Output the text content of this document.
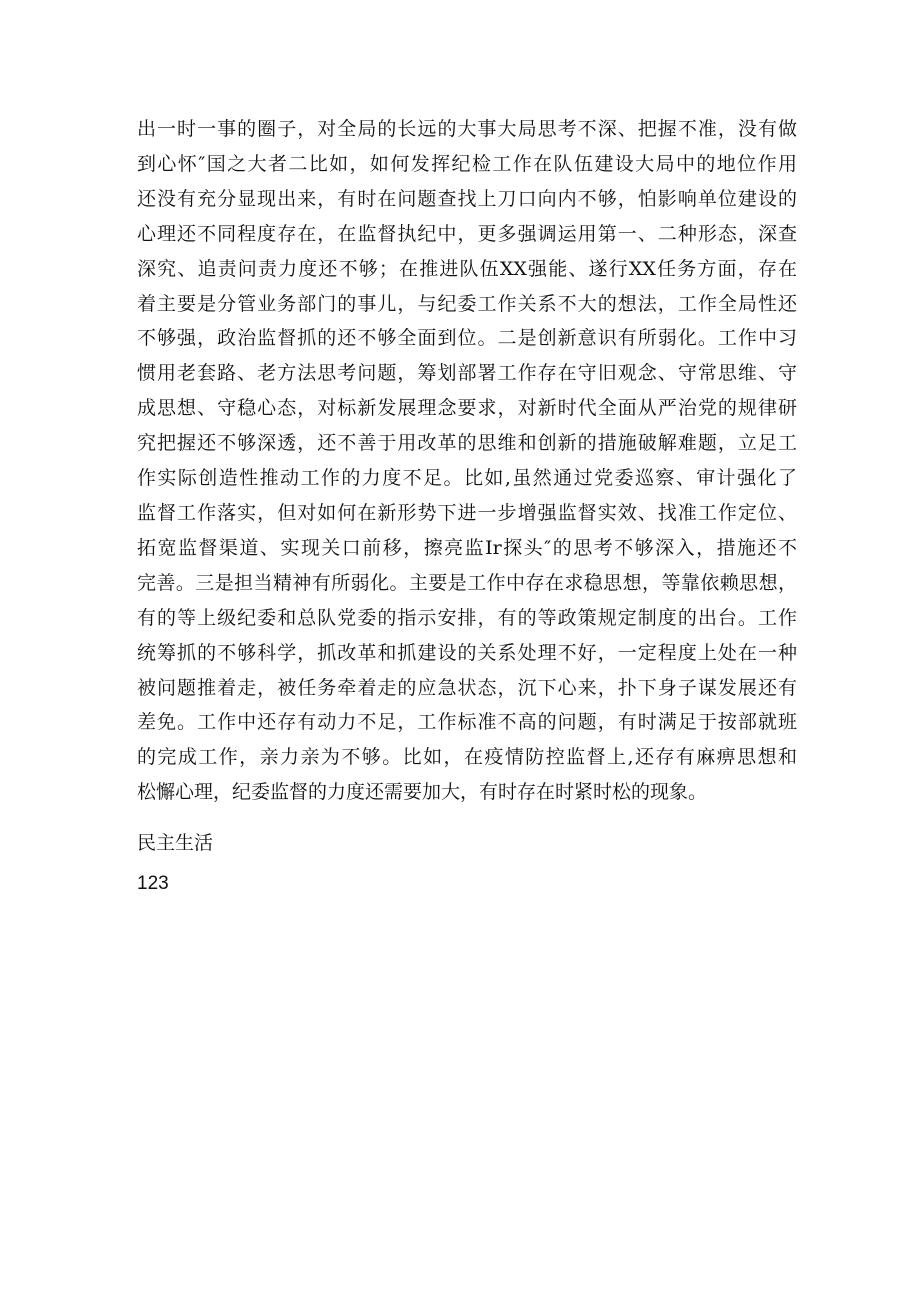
出一时一事的圈子，对全局的长远的大事大局思考不深、把握不准，没有做
到心怀″国之大者二比如，如何发挥纪检工作在队伍建设大局中的地位作用
还没有充分显现出来，有时在问题查找上刀口向内不够，怕影响单位建设的
心理还不同程度存在，在监督执纪中，更多强调运用第一、二种形态，深查
深究、追责问责力度还不够；在推进队伍XX强能、遂行XX任务方面，存在
着主要是分管业务部门的事儿，与纪委工作关系不大的想法，工作全局性还
不够强，政治监督抓的还不够全面到位。二是创新意识有所弱化。工作中习
惯用老套路、老方法思考问题，筹划部署工作存在守旧观念、守常思维、守
成思想、守稳心态，对标新发展理念要求，对新时代全面从严治党的规律研
究把握还不够深透，还不善于用改革的思维和创新的措施破解难题，立足工
作实际创造性推动工作的力度不足。比如,虽然通过党委巡察、审计强化了
监督工作落实，但对如何在新形势下进一步增强监督实效、找准工作定位、
拓宽监督渠道、实现关口前移，擦亮监Ir探头″的思考不够深入，措施还不
完善。三是担当精神有所弱化。主要是工作中存在求稳思想，等靠依赖思想，
有的等上级纪委和总队党委的指示安排，有的等政策规定制度的出台。工作
统筹抓的不够科学，抓改革和抓建设的关系处理不好，一定程度上处在一种
被问题推着走，被任务牵着走的应急状态，沉下心来，扑下身子谋发展还有
差免。工作中还存有动力不足，工作标准不高的问题，有时满足于按部就班
的完成工作，亲力亲为不够。比如，在疫情防控监督上,还存有麻痹思想和
松懈心理，纪委监督的力度还需要加大，有时存在时紧时松的现象。

民主生活

123
